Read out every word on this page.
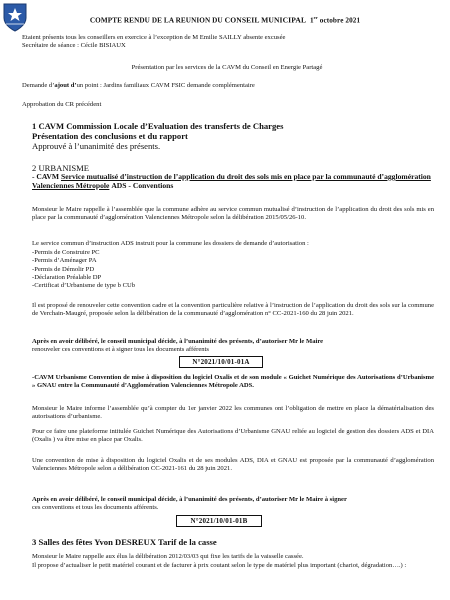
COMPTE RENDU DE LA REUNION DU CONSEIL MUNICIPAL 1er octobre 2021
Etaient présents tous les conseillers en exercice à l’exception de M Emilie SAILLY absente excusée
Secrétaire de séance : Cécile BISIAUX
Présentation par les services de la CAVM du Conseil en Energie Partagé
Demande d’ajout d’un point : Jardins familiaux CAVM FSIC demande complémentaire
Approbation du CR précédent
1 CAVM Commission Locale d’Evaluation des transferts de Charges
Présentation des conclusions et du rapport
Approuvé à l’unanimité des présents.
2 URBANISME
- CAVM Service mutualisé d’instruction de l’application du droit des sols mis en place par la communauté d’agglomération Valenciennes Métropole ADS - Conventions
Monsieur le Maire rappelle à l’assemblée que la commune adhère au service commun mutualisé d’instruction de l’application du droit des sols mis en place par la communauté d’agglomération Valenciennes Métropole selon la délibération 2015/05/26-10.
Le service commun d’instruction ADS instruit pour la commune les dossiers de demande d’autorisation :
-Permis de Construire PC
-Permis d’Aménager PA
-Permis de Démolir PD
-Déclaration Préalable DP
-Certificat d’Urbanisme de type b CUb
Il est proposé de renouveler cette convention cadre et la convention particulière relative à l’instruction de l’application du droit des sols sur la commune de Verchain-Maugré, proposée selon la délibération de la communauté d’agglomération n° CC-2021-160 du 28 juin 2021.
Après en avoir délibéré, le conseil municipal décide, à l’unanimité des présents, d’autoriser Mr le Maire
renouveler ces conventions et à signer tous les documents afférents
N°2021/10/01-01A
-CAVM Urbanisme Convention de mise à disposition du logiciel Oxalis et de son module « Guichet Numérique des Autorisations d’Urbanisme » GNAU entre la Communauté d’Agglomération Valenciennes Métropole ADS.
Monsieur le Maire informe l’assemblée qu’à compter du 1er janvier 2022 les communes ont l’obligation de mettre en place la dématérialisation des autorisations d’urbanisme.
Pour ce faire une plateforme intitulée Guichet Numérique des Autorisations d’Urbanisme GNAU reliée au logiciel de gestion des dossiers ADS et DIA (Oxalis ) va être mise en place par Oxalis.
Une convention de mise à disposition du logiciel Oxalis et de ses modules ADS, DIA et GNAU est proposée par la communauté d’agglomération Valenciennes Métropole selon a délibération CC-2021-161 du 28 juin 2021.
Après en avoir délibéré, le conseil municipal décide, à l’unanimité des présents, d’autoriser Mr le Maire à signer
ces conventions et tous les documents afférents.
N°2021/10/01-01B
3 Salles des fêtes Yvon DESREUX Tarif de la casse
Monsieur le Maire rappelle aux élus la délibération 2012/03/03 qui fixe les tarifs de la vaisselle cassée.
Il propose d’actualiser le petit matériel courant et de facturer à prix coutant selon le type de matériel plus important (chariot, dégradation….) :
